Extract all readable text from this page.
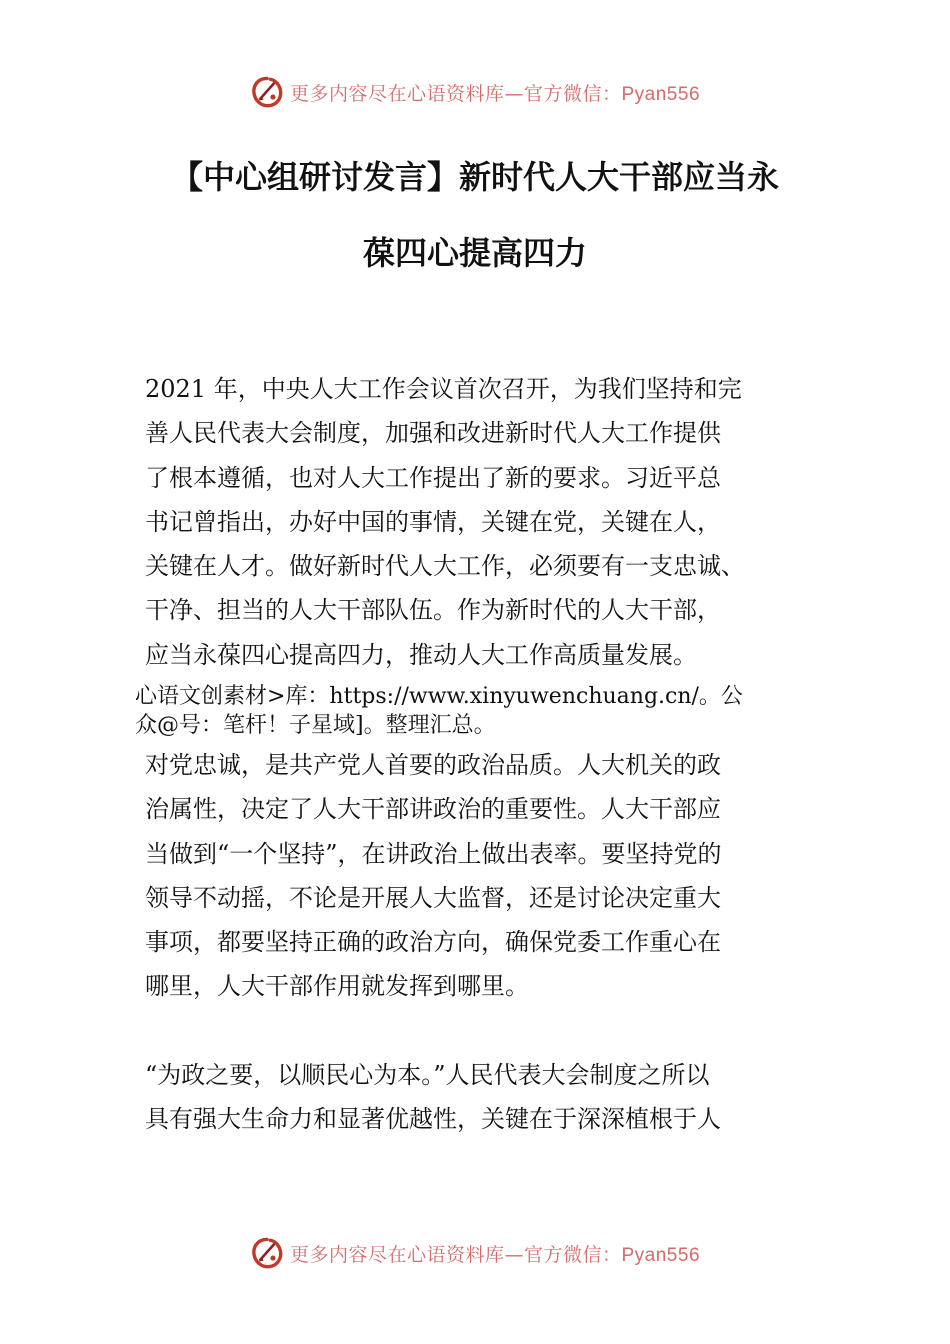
更多内容尽在心语资料库—官方微信：Pyan556
【中心组研讨发言】新时代人大干部应当永
葆四心提高四力
2021 年，中央人大工作会议首次召开，为我们坚持和完
善人民代表大会制度，加强和改进新时代人大工作提供
了根本遵循，也对人大工作提出了新的要求。习近平总
书记曾指出，办好中国的事情，关键在党，关键在人，
关键在人才。做好新时代人大工作，必须要有一支忠诚、
干净、担当的人大干部队伍。作为新时代的人大干部，
应当永葆四心提高四力，推动人大工作高质量发展。
心语文创素材>库：https://www.xinyuwenchuang.cn/。公
众@号：笔杆！子星域]。整理汇总。
对党忠诚，是共产党人首要的政治品质。人大机关的政
治属性，决定了人大干部讲政治的重要性。人大干部应
当做到“一个坚持”，在讲政治上做出表率。要坚持党的
领导不动摇，不论是开展人大监督，还是讨论决定重大
事项，都要坚持正确的政治方向，确保党委工作重心在
哪里，人大干部作用就发挥到哪里。
“为政之要，以顺民心为本。”人民代表大会制度之所以
具有强大生命力和显著优越性，关键在于深深植根于人
更多内容尽在心语资料库—官方微信：Pyan556
